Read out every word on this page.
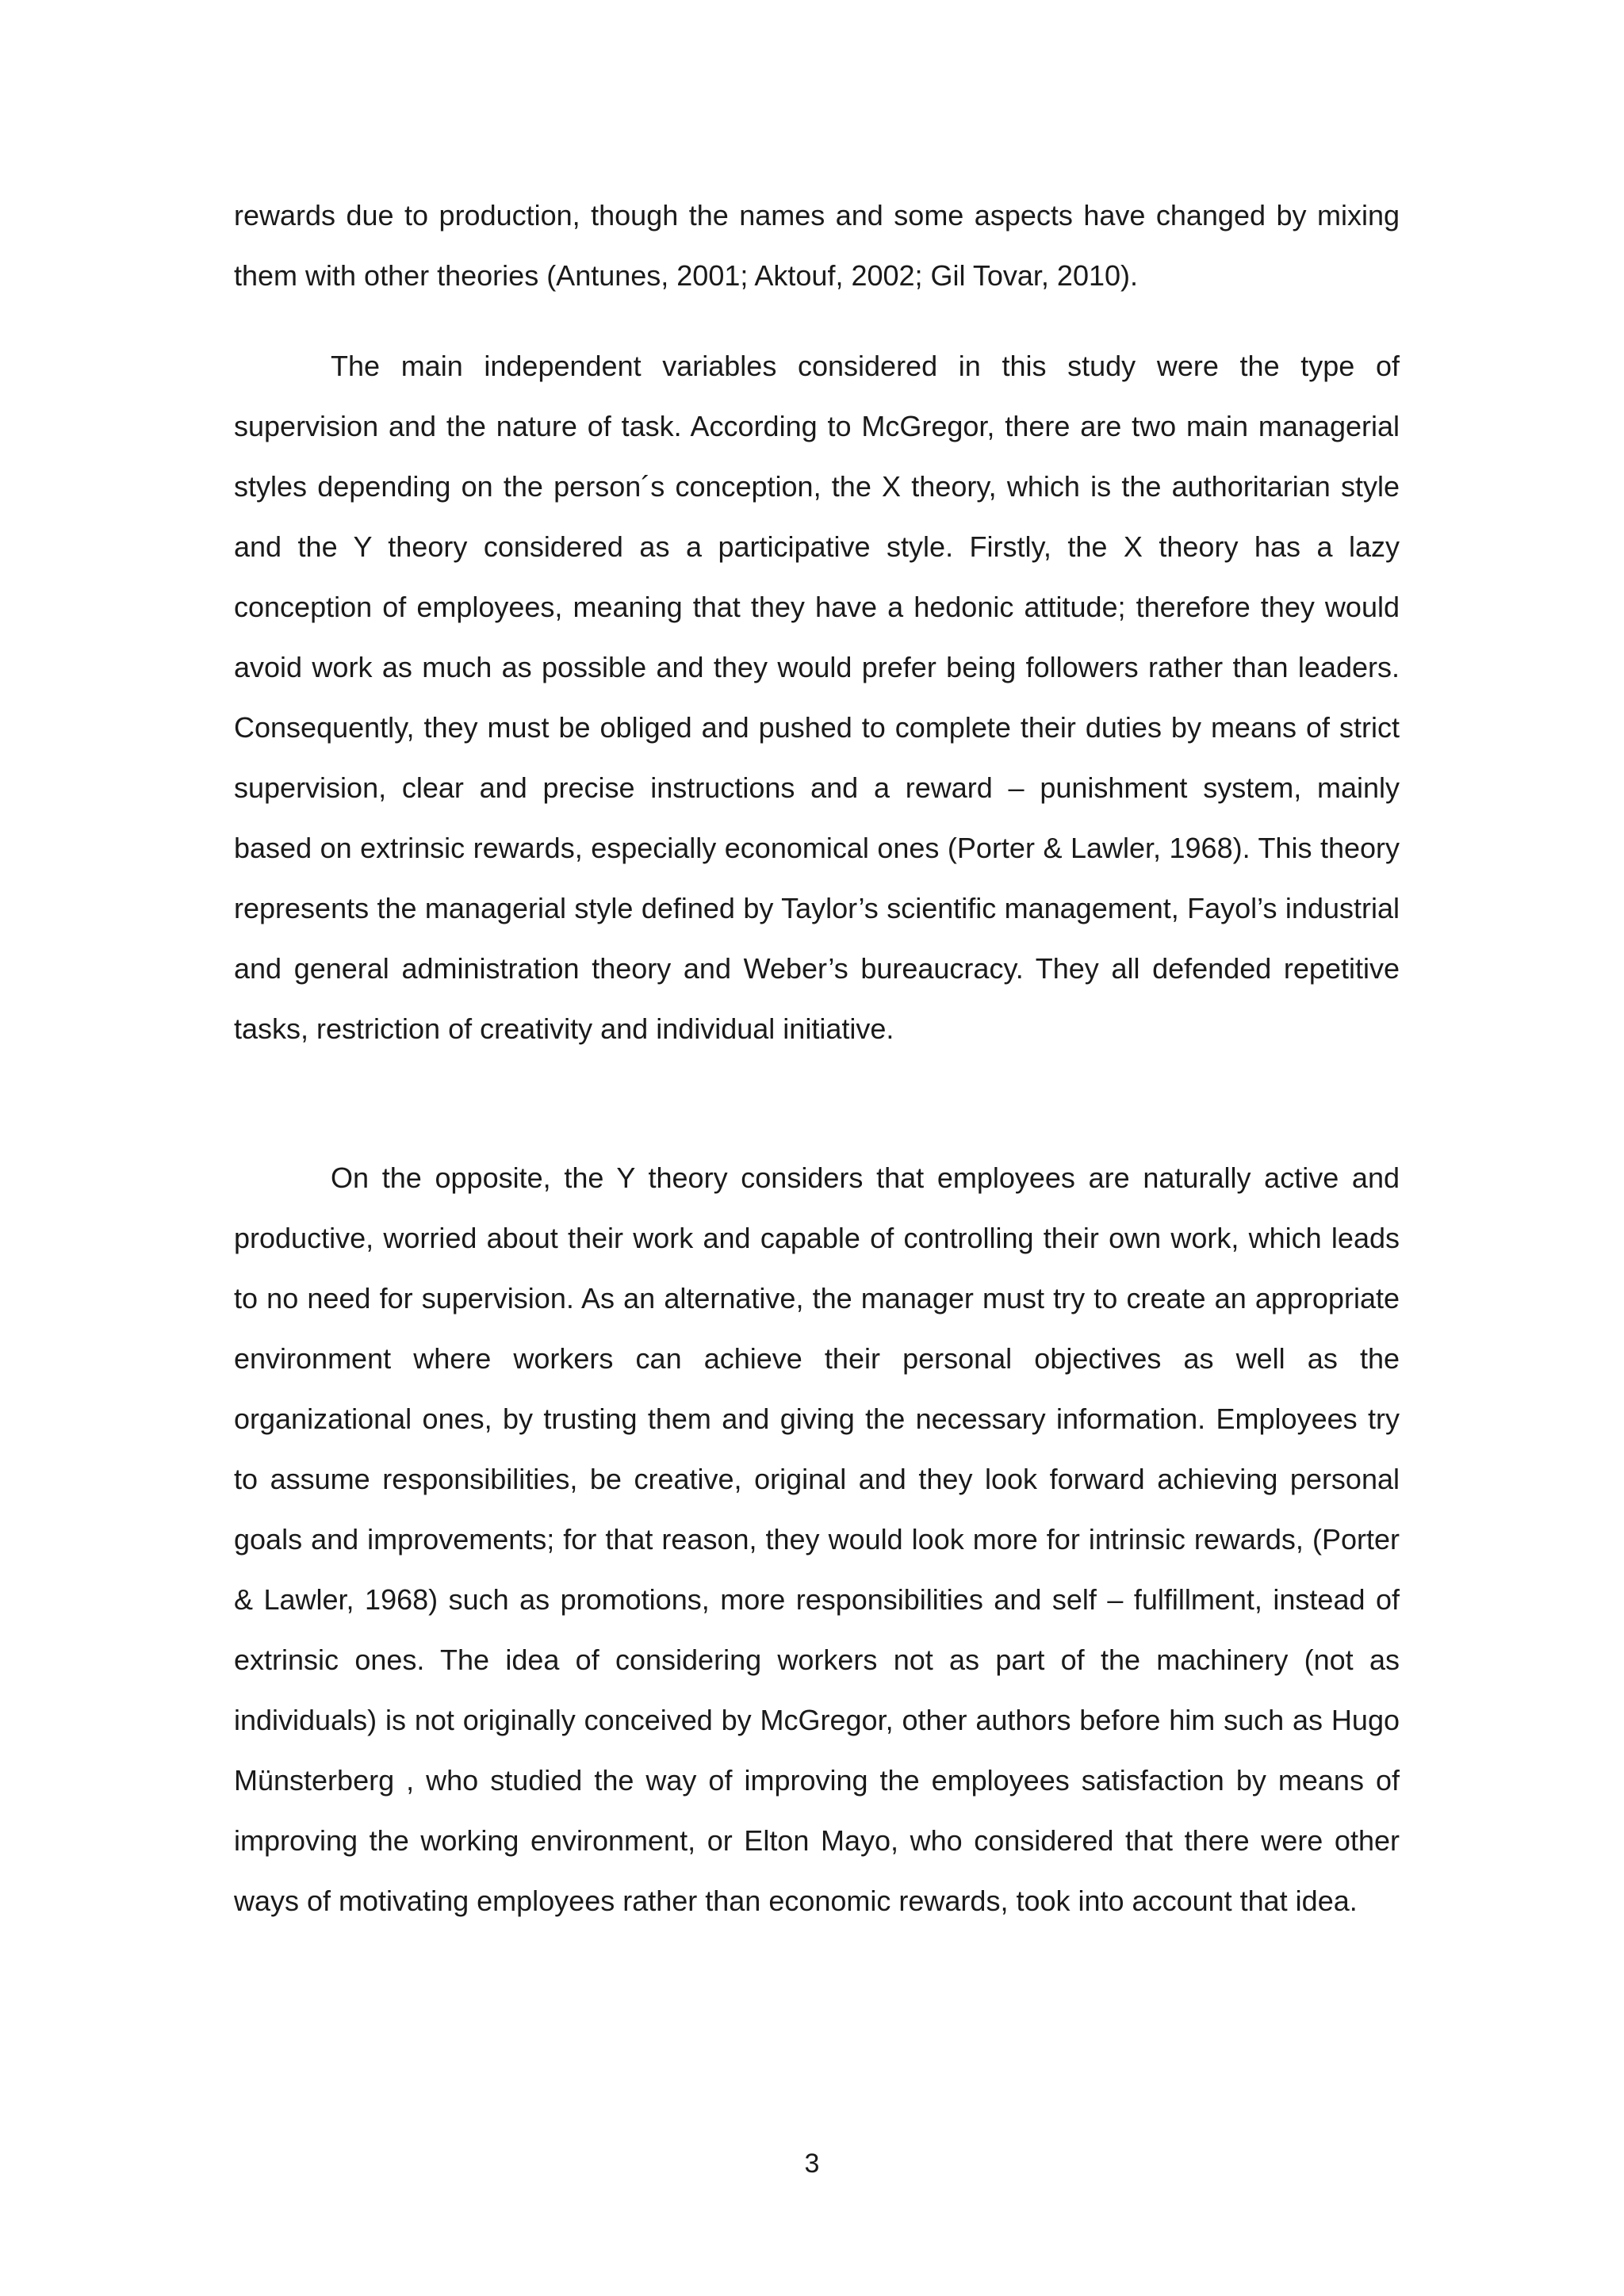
rewards due to production, though the names and some aspects have changed by mixing them with other theories (Antunes, 2001; Aktouf, 2002; Gil Tovar, 2010).

The main independent variables considered in this study were the type of supervision and the nature of task. According to McGregor, there are two main managerial styles depending on the person´s conception, the X theory, which is the authoritarian style and the Y theory considered as a participative style. Firstly, the X theory has a lazy conception of employees, meaning that they have a hedonic attitude; therefore they would avoid work as much as possible and they would prefer being followers rather than leaders. Consequently, they must be obliged and pushed to complete their duties by means of strict supervision, clear and precise instructions and a reward – punishment system, mainly based on extrinsic rewards, especially economical ones (Porter & Lawler, 1968). This theory represents the managerial style defined by Taylor’s scientific management, Fayol’s industrial and general administration theory and Weber’s bureaucracy. They all defended repetitive tasks, restriction of creativity and individual initiative.

On the opposite, the Y theory considers that employees are naturally active and productive, worried about their work and capable of controlling their own work, which leads to no need for supervision. As an alternative, the manager must try to create an appropriate environment where workers can achieve their personal objectives as well as the organizational ones, by trusting them and giving the necessary information. Employees try to assume responsibilities, be creative, original and they look forward achieving personal goals and improvements; for that reason, they would look more for intrinsic rewards, (Porter & Lawler, 1968) such as promotions, more responsibilities and self – fulfillment, instead of extrinsic ones. The idea of considering workers not as part of the machinery (not as individuals) is not originally conceived by McGregor, other authors before him such as Hugo Münsterberg , who studied the way of improving the employees satisfaction by means of improving the working environment, or Elton Mayo, who considered that there were other ways of motivating employees rather than economic rewards, took into account that idea.

3
